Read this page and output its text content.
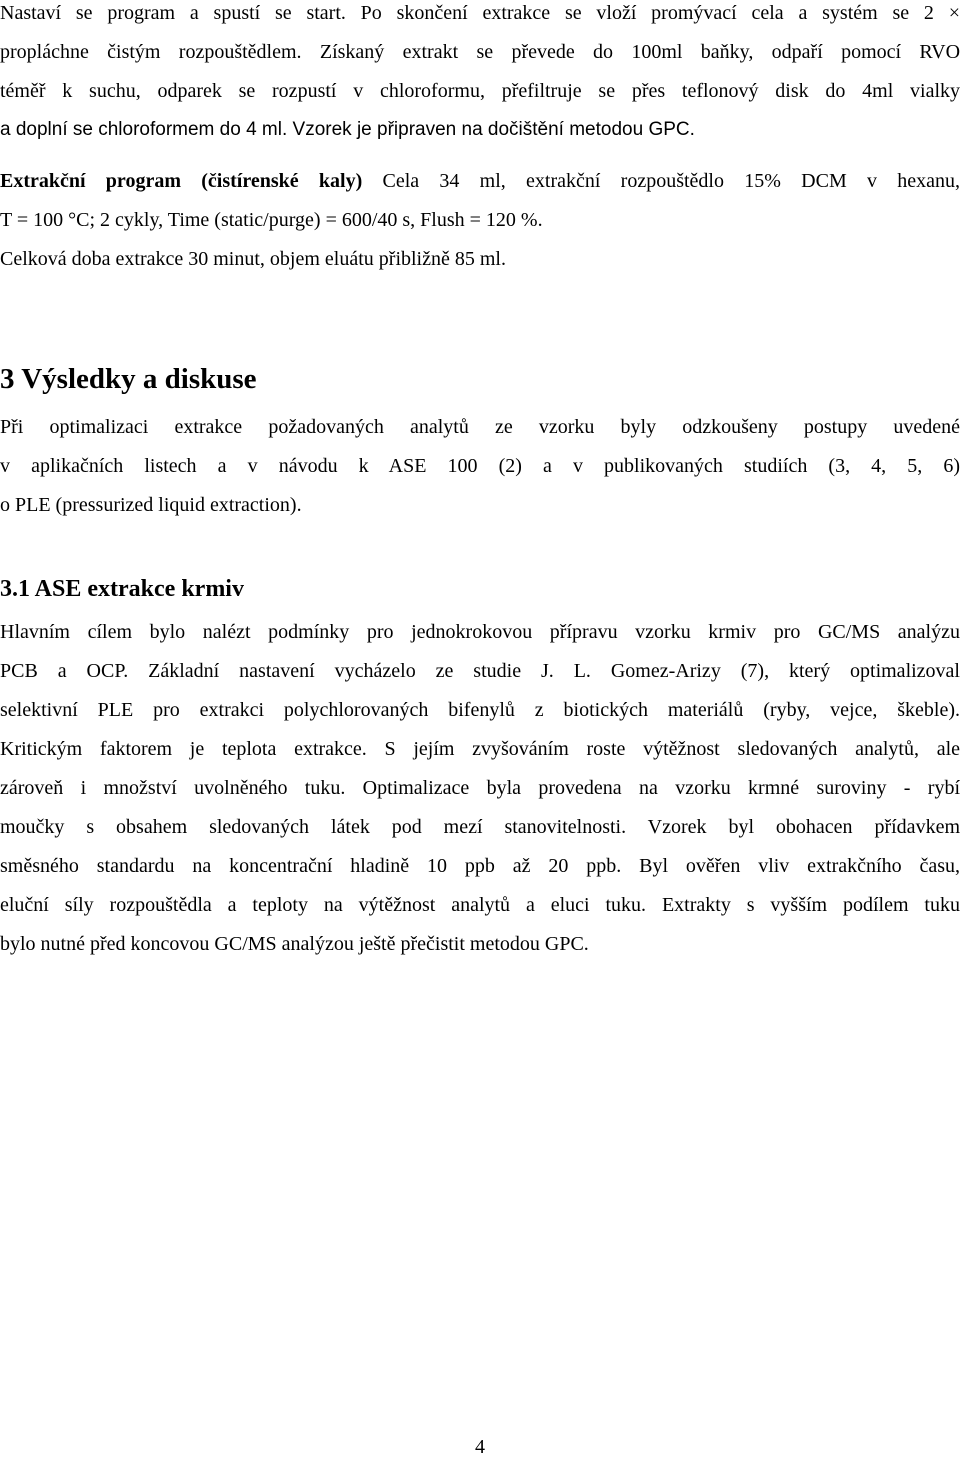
Nastaví se program a spustí se start. Po skončení extrakce se vloží promývací cela a systém se 2 ×
propláchne čistým rozpouštědlem. Získaný extrakt se převede do 100ml baňky, odpaří pomocí RVO
téměř k suchu, odparek se rozpustí v chloroformu, přefiltruje se přes teflonový disk do 4ml vialky
a doplní se chloroformem do 4 ml. Vzorek je připraven na dočištění metodou GPC.
Extrakční program (čistírenské kaly) Cela 34 ml, extrakční rozpouštědlo 15% DCM v hexanu,
T = 100 °C; 2 cykly, Time (static/purge) = 600/40 s, Flush = 120 %.
Celková doba extrakce 30 minut, objem eluátu přibližně 85 ml.
3 Výsledky a diskuse
Při optimalizaci extrakce požadovaných analytů ze vzorku byly odzkoušeny postupy uvedené
v aplikačních listech a v návodu k ASE 100 (2) a v publikovaných studiích (3, 4, 5, 6)
o PLE (pressurized liquid extraction).
3.1 ASE extrakce krmiv
Hlavním cílem bylo nalézt podmínky pro jednokrokovou přípravu vzorku krmiv pro GC/MS analýzu
PCB a OCP. Základní nastavení vycházelo ze studie J. L. Gomez-Arizy (7), který optimalizoval
selektivní PLE pro extrakci polychlorovaných bifenylů z biotických materiálů (ryby, vejce, škeble).
Kritickým faktorem je teplota extrakce. S jejím zvyšováním roste výtěžnost sledovaných analytů, ale
zároveň i množství uvolněného tuku. Optimalizace byla provedena na vzorku krmné suroviny - rybí
moučky s obsahem sledovaných látek pod mezí stanovitelnosti. Vzorek byl obohacen přídavkem
směsného standardu na koncentrační hladině 10 ppb až 20 ppb. Byl ověřen vliv extrakčního času,
eluční síly rozpouštědla a teploty na výtěžnost analytů a eluci tuku. Extrakty s vyšším podílem tuku
bylo nutné před koncovou GC/MS analýzou ještě přečistit metodou GPC.
4
